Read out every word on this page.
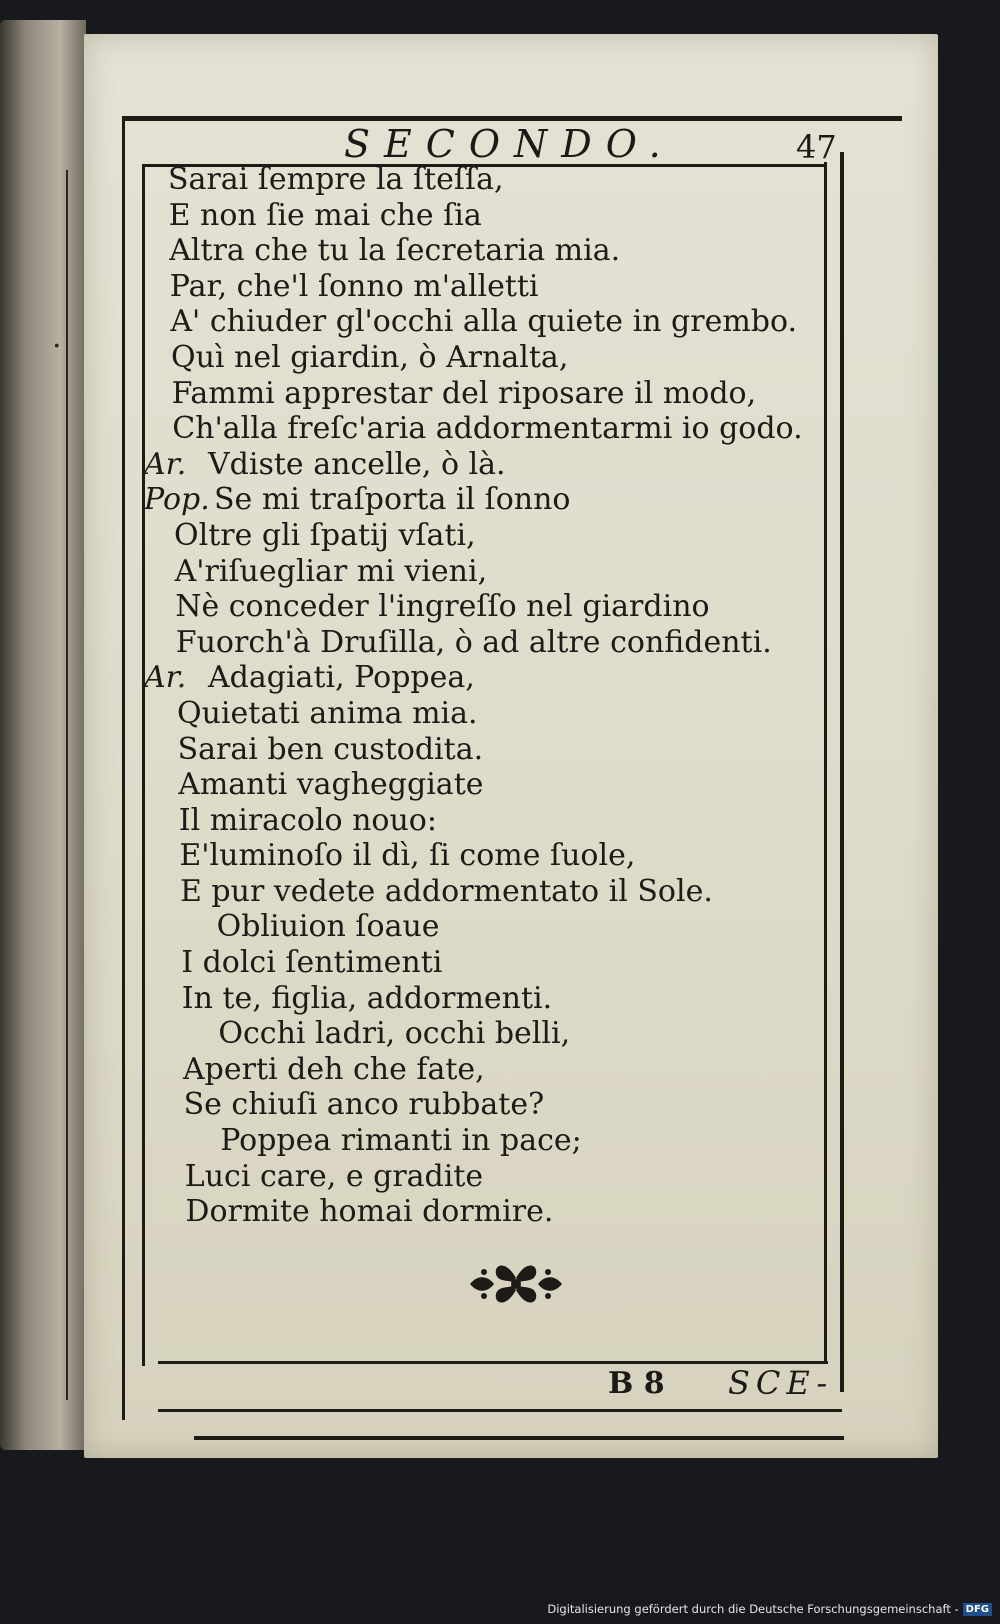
.
SECONDO.	47
Sarai ſempre la ſteſſa,
E non ſie mai che ſia
Altra che tu la ſecretaria mia.
Par, che'l ſonno m'alletti
A' chiuder gl'occhi alla quiete in grembo.
Quì nel giardin, ò Arnalta,
Fammi apprestar del riposare il modo,
Ch'alla freſc'aria addormentarmi io godo.
Ar. Vdiste ancelle, ò là.
Pop. Se mi traſporta il ſonno
Oltre gli ſpatij vſati,
A'riſuegliar mi vieni,
Nè conceder l'ingreſſo nel giardino
Fuorch'à Druſilla, ò ad altre confidenti.
Ar. Adagiati, Poppea,
Quietati anima mia.
Sarai ben custodita.
Amanti vagheggiate
Il miracolo nouo:
E'luminoſo il dì, ſi come ſuole,
E pur vedete addormentato il Sole.
Obliuion ſoaue
I dolci ſentimenti
In te, figlia, addormenti.
Occhi ladri, occhi belli,
Aperti deh che fate,
Se chiuſi anco rubbate?
Poppea rimanti in pace;
Luci care, e gradite
Dormite homai dormire.
B 8 SCE-
Digitalisierung gefördert durch die Deutsche Forschungsgemeinschaft - DFG
